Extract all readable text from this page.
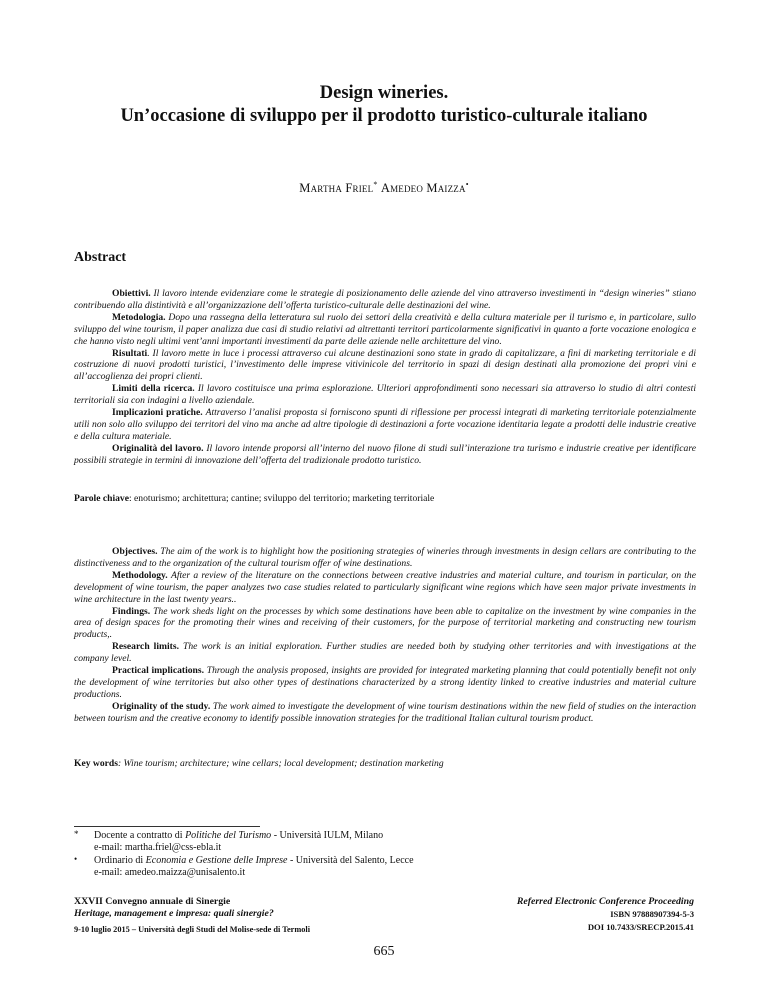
Design wineries.
Un’occasione di sviluppo per il prodotto turistico-culturale italiano
Martha Friel* Amedeo Maizza•
Abstract

Obiettivi. Il lavoro intende evidenziare come le strategie di posizionamento delle aziende del vino attraverso investimenti in “design wineries” stiano contribuendo alla distintività e all’organizzazione dell’offerta turistico-culturale delle destinazioni del wine.

Metodologia. Dopo una rassegna della letteratura sul ruolo dei settori della creatività e della cultura materiale per il turismo e, in particolare, sullo sviluppo del wine tourism, il paper analizza due casi di studio relativi ad altrettanti territori particolarmente significativi in quanto a forte vocazione enologica e che hanno visto negli ultimi vent’anni importanti investimenti da parte delle aziende nelle architetture del vino.

Risultati. Il lavoro mette in luce i processi attraverso cui alcune destinazioni sono state in grado di capitalizzare, a fini di marketing territoriale e di costruzione di nuovi prodotti turistici, l’investimento delle imprese vitivinicole del territorio in spazi di design destinati alla promozione dei propri vini e all’accoglienza dei propri clienti.

Limiti della ricerca. Il lavoro costituisce una prima esplorazione. Ulteriori approfondimenti sono necessari sia attraverso lo studio di altri contesti territoriali sia con indagini a livello aziendale.

Implicazioni pratiche. Attraverso l’analisi proposta si forniscono spunti di riflessione per processi integrati di marketing territoriale potenzialmente utili non solo allo sviluppo dei territori del vino ma anche ad altre tipologie di destinazioni a forte vocazione identitaria legate a prodotti delle industrie creative e della cultura materiale.

Originalità del lavoro. Il lavoro intende proporsi all’interno del nuovo filone di studi sull’interazione tra turismo e industrie creative per identificare possibili strategie in termini di innovazione dell’offerta del tradizionale prodotto turistico.

Parole chiave: enoturismo; architettura; cantine; sviluppo del territorio; marketing territoriale

Objectives. The aim of the work is to highlight how the positioning strategies of wineries through investments in design cellars are contributing to the distinctiveness and to the organization of the cultural tourism offer of wine destinations.

Methodology. After a review of the literature on the connections between creative industries and material culture, and tourism in particular, on the development of wine tourism, the paper analyzes two case studies related to particularly significant wine regions which have seen major private investments in wine architecture in the last twenty years..

Findings. The work sheds light on the processes by which some destinations have been able to capitalize on the investment by wine companies in the area of design spaces for the promoting their wines and receiving of their customers, for the purpose of territorial marketing and constructing new tourism products,.

Research limits. The work is an initial exploration. Further studies are needed both by studying other territories and with investigations at the company level.

Practical implications. Through the analysis proposed, insights are provided for integrated marketing planning that could potentially benefit not only the development of wine territories but also other types of destinations characterized by a strong identity linked to creative industries and material culture productions.

Originality of the study. The work aimed to investigate the development of wine tourism destinations within the new field of studies on the interaction between tourism and the creative economy to identify possible innovation strategies for the traditional Italian cultural tourism product.

Key words: Wine tourism; architecture; wine cellars; local development; destination marketing
* Docente a contratto di Politiche del Turismo - Università IULM, Milano
e-mail: martha.friel@css-ebla.it
• Ordinario di Economia e Gestione delle Imprese - Università del Salento, Lecce
e-mail: amedeo.maizza@unisalento.it
XXVII Convegno annuale di Sinergie
Heritage, management e impresa: quali sinergie?
9-10 luglio 2015 – Università degli Studi del Molise-sede di Termoli
Referred Electronic Conference Proceeding
ISBN 97888907394-5-3
DOI 10.7433/SRECP.2015.41
665
